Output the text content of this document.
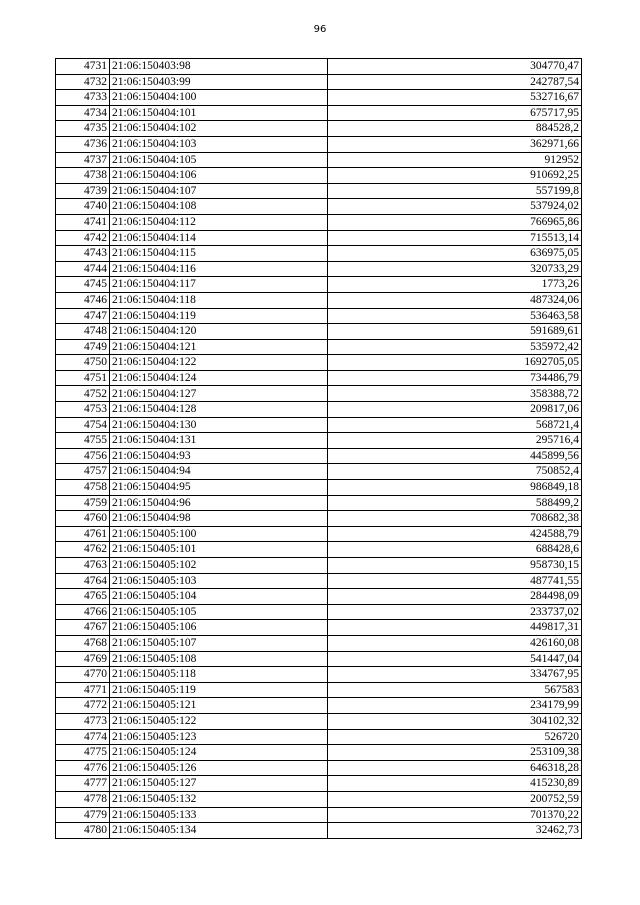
96
4731	21:06:150403:98	304770,47
4732	21:06:150403:99	242787,54
4733	21:06:150404:100	532716,67
4734	21:06:150404:101	675717,95
4735	21:06:150404:102	884528,2
4736	21:06:150404:103	362971,66
4737	21:06:150404:105	912952
4738	21:06:150404:106	910692,25
4739	21:06:150404:107	557199,8
4740	21:06:150404:108	537924,02
4741	21:06:150404:112	766965,86
4742	21:06:150404:114	715513,14
4743	21:06:150404:115	636975,05
4744	21:06:150404:116	320733,29
4745	21:06:150404:117	1773,26
4746	21:06:150404:118	487324,06
4747	21:06:150404:119	536463,58
4748	21:06:150404:120	591689,61
4749	21:06:150404:121	535972,42
4750	21:06:150404:122	1692705,05
4751	21:06:150404:124	734486,79
4752	21:06:150404:127	358388,72
4753	21:06:150404:128	209817,06
4754	21:06:150404:130	568721,4
4755	21:06:150404:131	295716,4
4756	21:06:150404:93	445899,56
4757	21:06:150404:94	750852,4
4758	21:06:150404:95	986849,18
4759	21:06:150404:96	588499,2
4760	21:06:150404:98	708682,38
4761	21:06:150405:100	424588,79
4762	21:06:150405:101	688428,6
4763	21:06:150405:102	958730,15
4764	21:06:150405:103	487741,55
4765	21:06:150405:104	284498,09
4766	21:06:150405:105	233737,02
4767	21:06:150405:106	449817,31
4768	21:06:150405:107	426160,08
4769	21:06:150405:108	541447,04
4770	21:06:150405:118	334767,95
4771	21:06:150405:119	567583
4772	21:06:150405:121	234179,99
4773	21:06:150405:122	304102,32
4774	21:06:150405:123	526720
4775	21:06:150405:124	253109,38
4776	21:06:150405:126	646318,28
4777	21:06:150405:127	415230,89
4778	21:06:150405:132	200752,59
4779	21:06:150405:133	701370,22
4780	21:06:150405:134	32462,73
